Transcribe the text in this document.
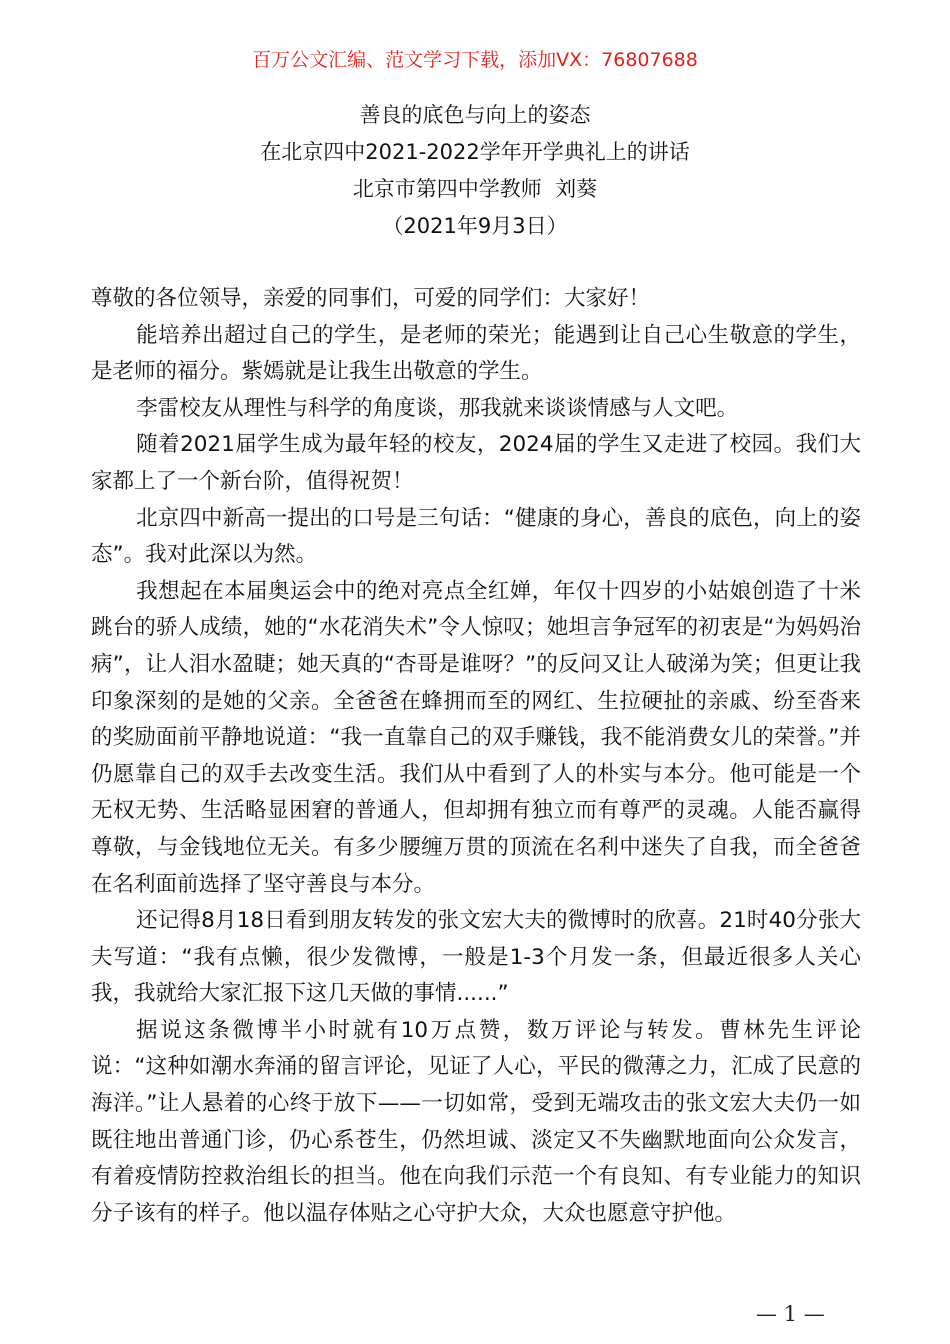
百万公文汇编、范文学习下载，添加VX：76807688
善良的底色与向上的姿态
在北京四中2021-2022学年开学典礼上的讲话
北京市第四中学教师  刘葵
（2021年9月3日）

尊敬的各位领导，亲爱的同事们，可爱的同学们：大家好！

能培养出超过自己的学生，是老师的荣光；能遇到让自己心生敬意的学生，是老师的福分。紫嫣就是让我生出敬意的学生。

李雷校友从理性与科学的角度谈，那我就来谈谈情感与人文吧。

随着2021届学生成为最年轻的校友，2024届的学生又走进了校园。我们大家都上了一个新台阶，值得祝贺！

北京四中新高一提出的口号是三句话：“健康的身心，善良的底色，向上的姿态”。我对此深以为然。

我想起在本届奥运会中的绝对亮点全红婵，年仅十四岁的小姑娘创造了十米跳台的骄人成绩，她的“水花消失术”令人惊叹；她坦言争冠军的初衷是“为妈妈治病”，让人泪水盈睫；她天真的“杏哥是谁呀？”的反问又让人破涕为笑；但更让我印象深刻的是她的父亲。全爸爸在蜂拥而至的网红、生拉硬扯的亲戚、纷至沓来的奖励面前平静地说道：“我一直靠自己的双手赚钱，我不能消费女儿的荣誉。”并仍愿靠自己的双手去改变生活。我们从中看到了人的朴实与本分。他可能是一个无权无势、生活略显困窘的普通人，但却拥有独立而有尊严的灵魂。人能否赢得尊敬，与金钱地位无关。有多少腰缠万贯的顶流在名利中迷失了自我，而全爸爸在名利面前选择了坚守善良与本分。

还记得8月18日看到朋友转发的张文宏大夫的微博时的欣喜。21时40分张大夫写道：“我有点懒，很少发微博，一般是1-3个月发一条，但最近很多人关心我，我就给大家汇报下这几天做的事情......”

据说这条微博半小时就有10万点赞，数万评论与转发。曹林先生评论说：“这种如潮水奔涌的留言评论，见证了人心，平民的微薄之力，汇成了民意的海洋。”让人悬着的心终于放下——一切如常，受到无端攻击的张文宏大夫仍一如既往地出普通门诊，仍心系苍生，仍然坦诚、淡定又不失幽默地面向公众发言，有着疫情防控救治组长的担当。他在向我们示范一个有良知、有专业能力的知识分子该有的样子。他以温存体贴之心守护大众，大众也愿意守护他。

— 1 —
